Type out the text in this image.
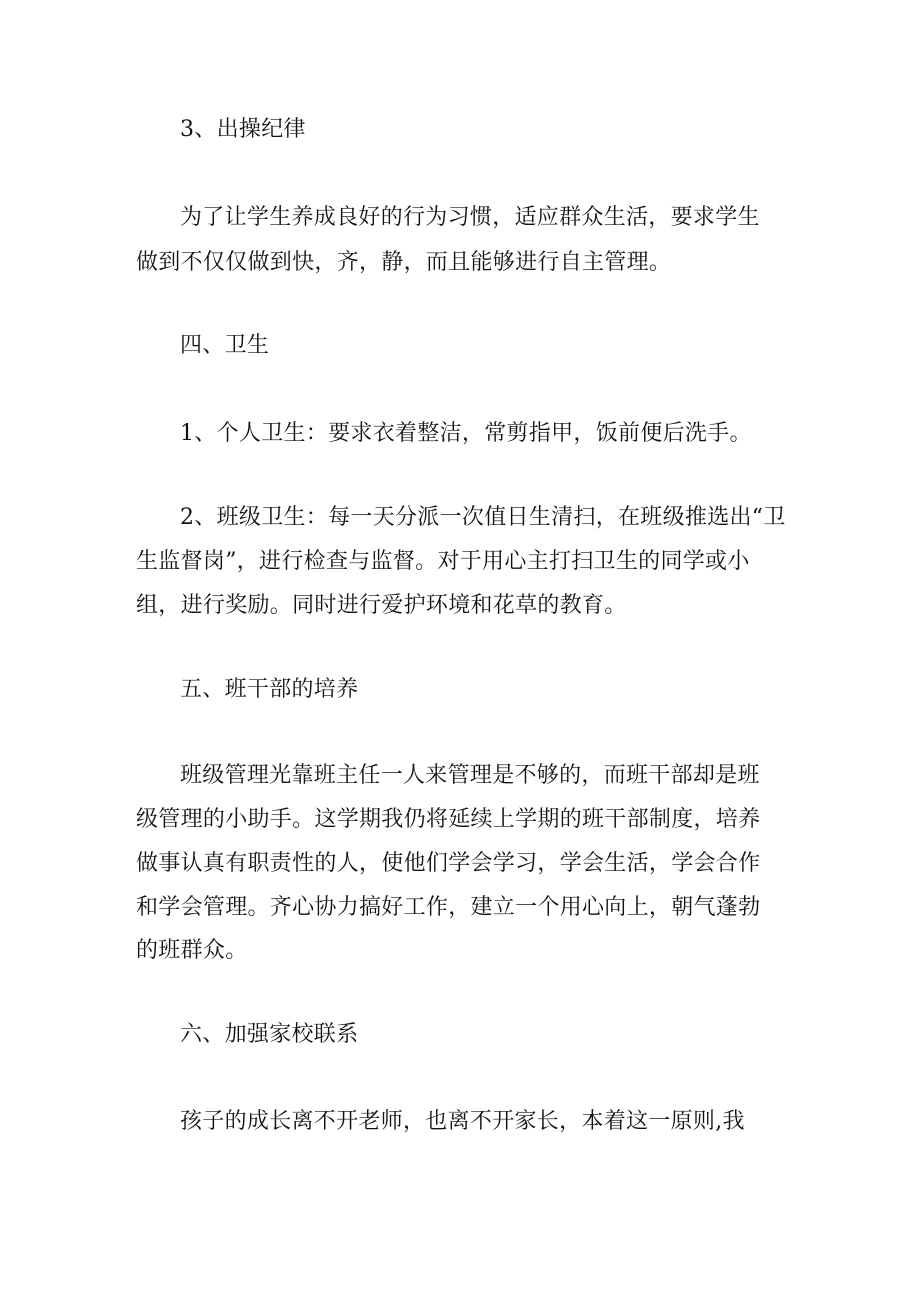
3、出操纪律
为了让学生养成良好的行为习惯，适应群众生活，要求学生
做到不仅仅做到快，齐，静，而且能够进行自主管理。
四、卫生
1、个人卫生：要求衣着整洁，常剪指甲，饭前便后洗手。
2、班级卫生：每一天分派一次值日生清扫，在班级推选出“卫
生监督岗”，进行检查与监督。对于用心主打扫卫生的同学或小
组，进行奖励。同时进行爱护环境和花草的教育。
五、班干部的培养
班级管理光靠班主任一人来管理是不够的，而班干部却是班
级管理的小助手。这学期我仍将延续上学期的班干部制度，培养
做事认真有职责性的人，使他们学会学习，学会生活，学会合作
和学会管理。齐心协力搞好工作，建立一个用心向上，朝气蓬勃
的班群众。
六、加强家校联系
孩子的成长离不开老师，也离不开家长，本着这一原则,我
